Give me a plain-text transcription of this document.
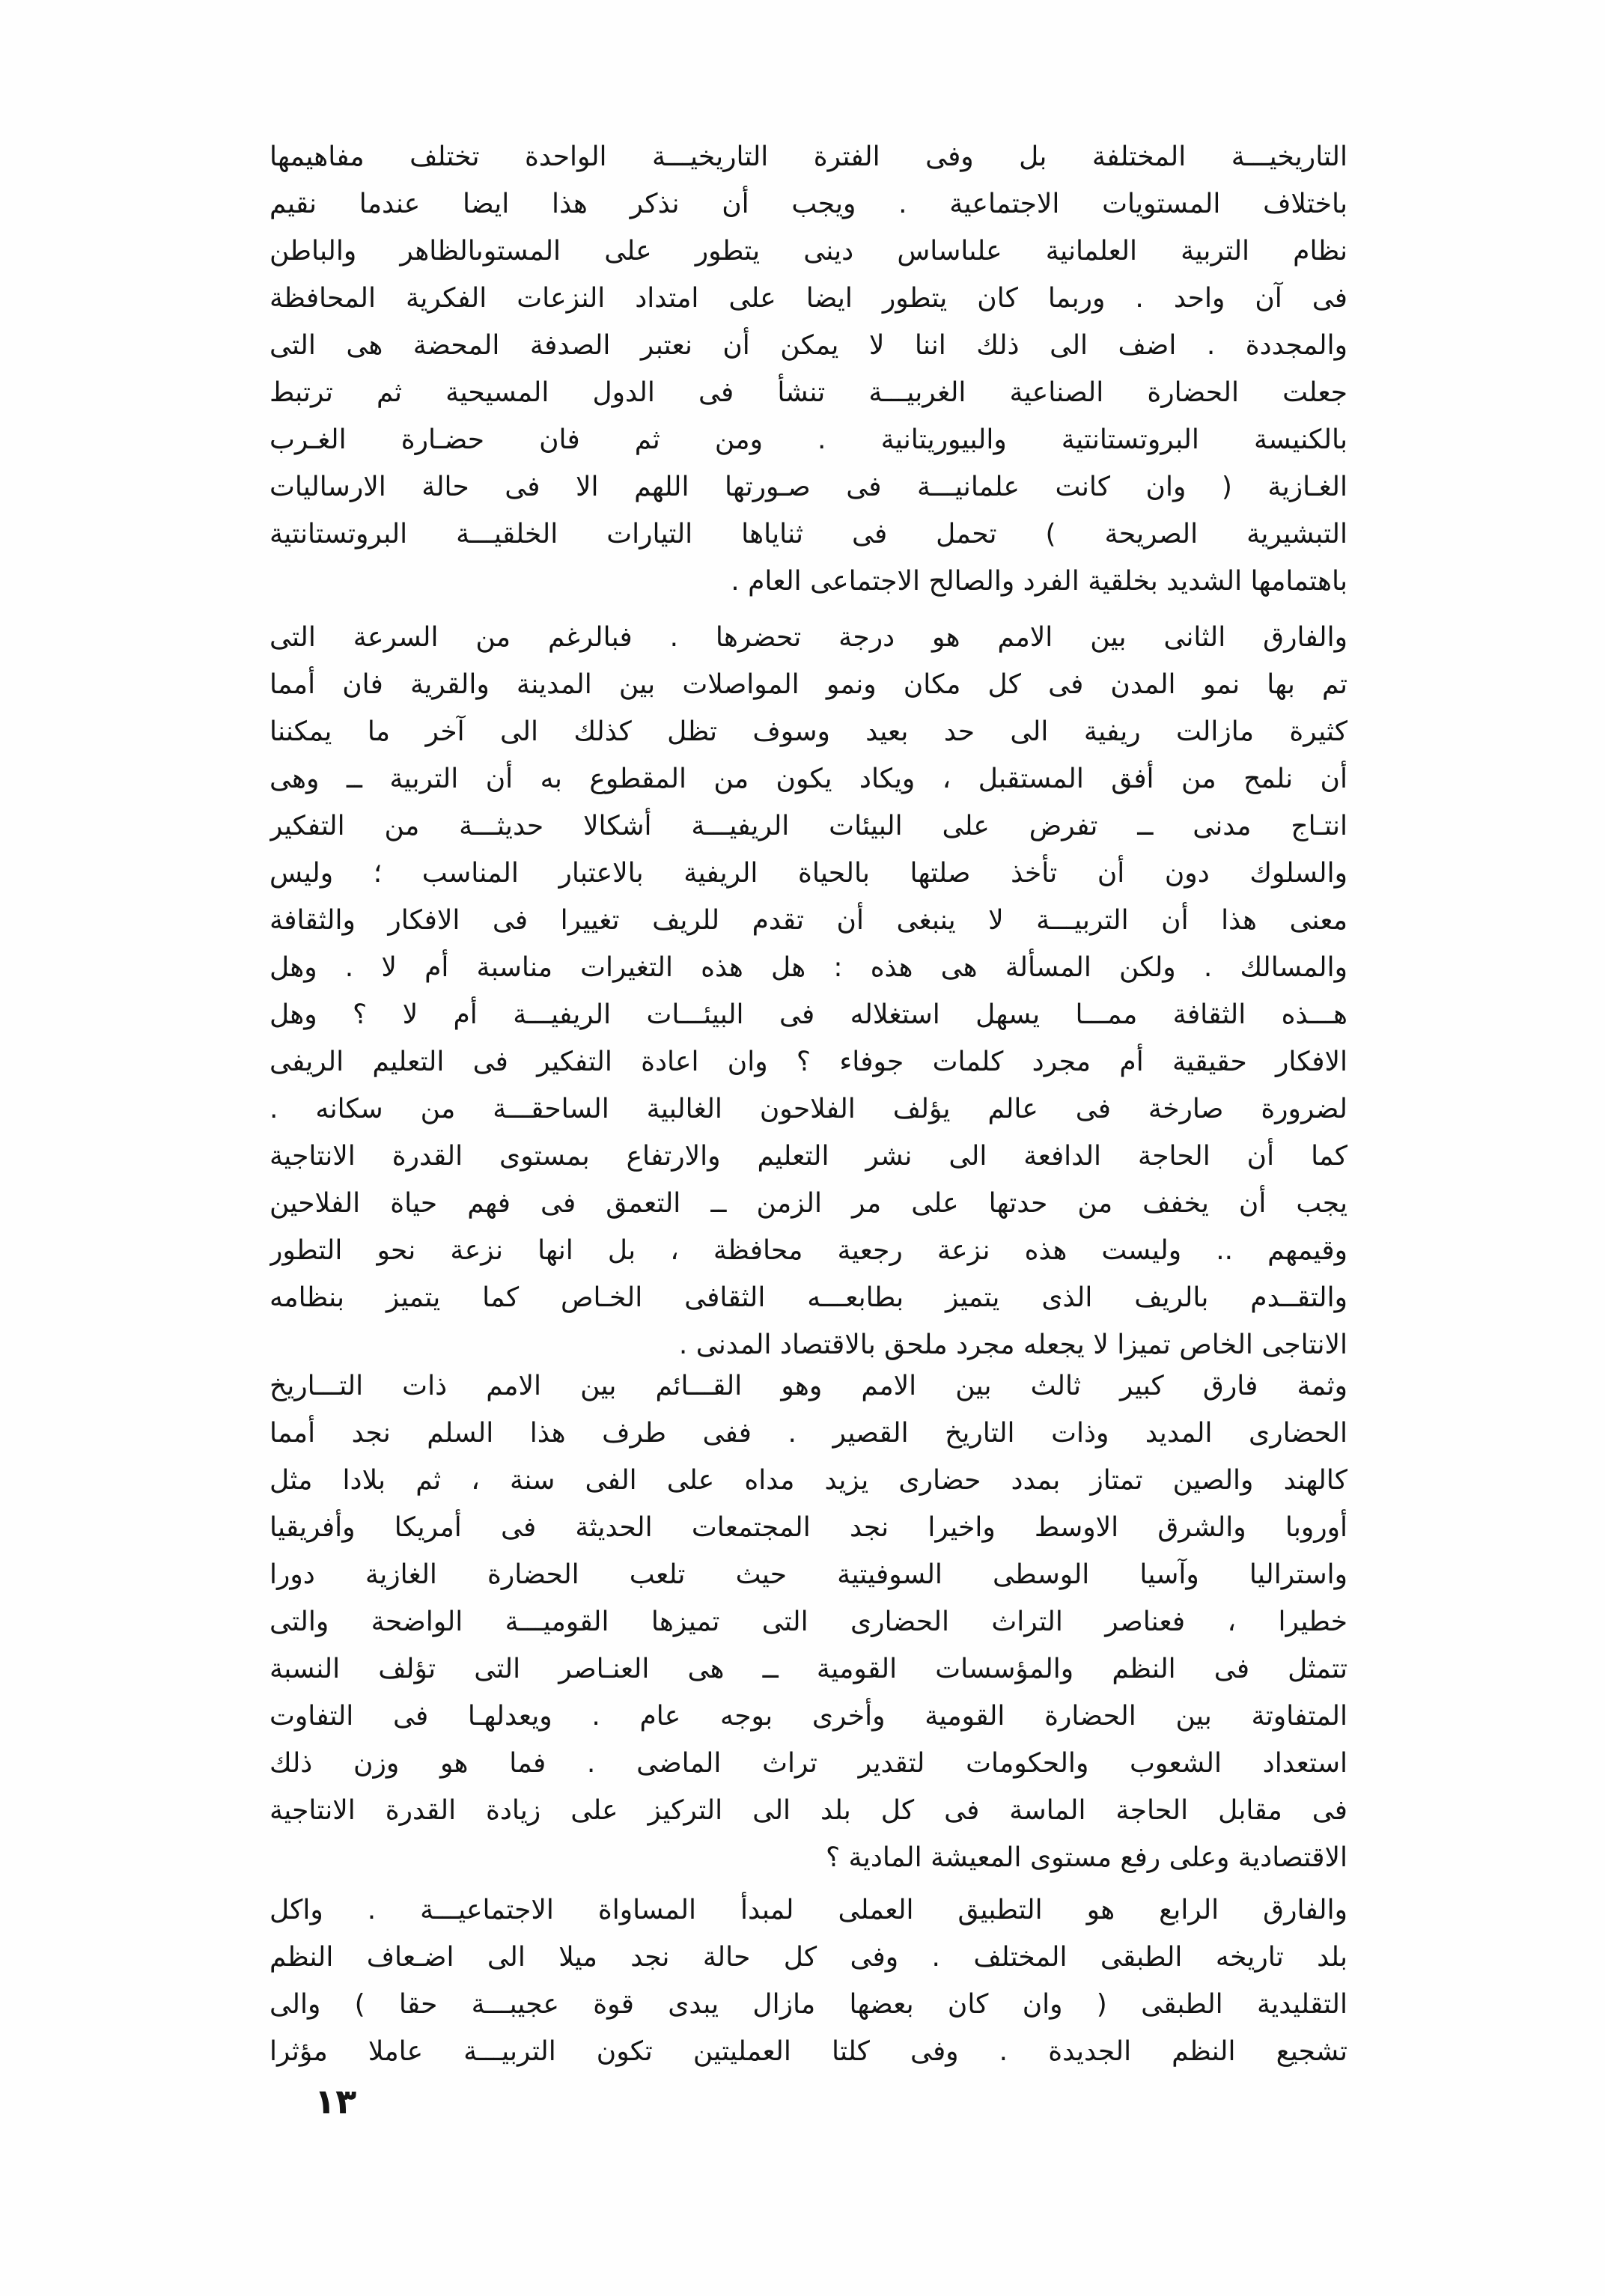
التاريخيـــة المختلفة بل وفى الفترة التاريخيـــة الواحدة تختلف مفاهيمها
باختلاف المستويات الاجتماعية . ويجب أن نذكر هذا ايضا عندما نقيم
نظام التربية العلمانية علىاساس دينى يتطور على المستوىالظاهر والباطن
فى آن واحد . وربما كان يتطور ايضا على امتداد النزعات الفكرية المحافظة
والمجددة . اضف الى ذلك اننا لا يمكن أن نعتبر الصدفة المحضة هى التى
جعلت الحضارة الصناعية الغربيـــة تنشأ فى الدول المسيحية ثم ترتبط
بالكنيسة البروتستانتية والبيوريتانية . ومن ثم فان حضـارة الغـرب
الغـازية ( وان كانت علمانيـــة فى صـورتها اللهم الا فى حالة الارساليات
التبشيرية الصريحة ) تحمل فى ثناياها التيارات الخلقيـــة البروتستانتية
باهتمامها الشديد بخلقية الفرد والصالح الاجتماعى العام .
والفارق الثانى بين الامم هو درجة تحضرها . فبالرغم من السرعة التى
تم بها نمو المدن فى كل مكان ونمو المواصلات بين المدينة والقرية فان أمما
كثيرة مازالت ريفية الى حد بعيد وسوف تظل كذلك الى آخر ما يمكننا
أن نلمح من أفق المستقبل ، ويكاد يكون من المقطوع به أن التربية ــ وهى
انتـاج مدنى ــ تفرض على البيئات الريفيـــة أشكالا حديثـــة من التفكير
والسلوك دون أن تأخذ صلتها بالحياة الريفية بالاعتبار المناسب ؛ وليس
معنى هذا أن التربيـــة لا ينبغى أن تقدم للريف تغييرا فى الافكار والثقافة
والمسالك . ولكن المسألة هى هذه : هل هذه التغيرات مناسبة أم لا . وهل
هـــذه الثقافة ممـــا يسهل استغلاله فى البيئـــات الريفيـــة أم لا ؟ وهل
الافكار حقيقية أم مجرد كلمات جوفاء ؟ وان اعادة التفكير فى التعليم الريفى
لضرورة صارخة فى عالم يؤلف الفلاحون الغالبية الساحقـــة من سكانه .
كما أن الحاجة الدافعة الى نشر التعليم والارتفاع بمستوى القدرة الانتاجية
يجب أن يخفف من حدتها على مر الزمن ــ التعمق فى فهم حياة الفلاحين
وقيمهم .. وليست هذه نزعة رجعية محافظة ، بل انها نزعة نحو التطور
والتقــدم بالريف الذى يتميز بطابعـــه الثقافى الخـاص كما يتميز بنظامه
الانتاجى الخاص تميزا لا يجعله مجرد ملحق بالاقتصاد المدنى .
وثمة فارق كبير ثالث بين الامم وهو القـــائم بين الامم ذات التـــاريخ
الحضارى المديد وذات التاريخ القصير . ففى طرف هذا السلم نجد أمما
كالهند والصين تمتاز بمدد حضارى يزيد مداه على الفى سنة ، ثم بلادا مثل
أوروبا والشرق الاوسط واخيرا نجد المجتمعات الحديثة فى أمريكا وأفريقيا
واستراليا وآسيا الوسطى السوفيتية حيث تلعب الحضارة الغازية دورا
خطيرا ، فعناصر التراث الحضارى التى تميزها القوميـــة الواضحة والتى
تتمثل فى النظم والمؤسسات القومية ــ هى العنـاصر التى تؤلف النسبة
المتفاوتة بين الحضارة القومية وأخرى بوجه عام . ويعدلهـا فى التفاوت
استعداد الشعوب والحكومات لتقدير تراث الماضى . فما هو وزن ذلك
فى مقابل الحاجة الماسة فى كل بلد الى التركيز على زيادة القدرة الانتاجية
الاقتصادية وعلى رفع مستوى المعيشة المادية ؟
والفارق الرابع هو التطبيق العملى لمبدأ المساواة الاجتماعيـــة . واكل
بلد تاريخه الطبقى المختلف . وفى كل حالة نجد ميلا الى اضـعاف النظم
التقليدية الطبقى ( وان كان بعضها مازال يبدى قوة عجيبـــة حقا ) والى
تشجيع النظم الجديدة . وفى كلتا العمليتين تكون التربيـــة عاملا مؤثرا
١٣
